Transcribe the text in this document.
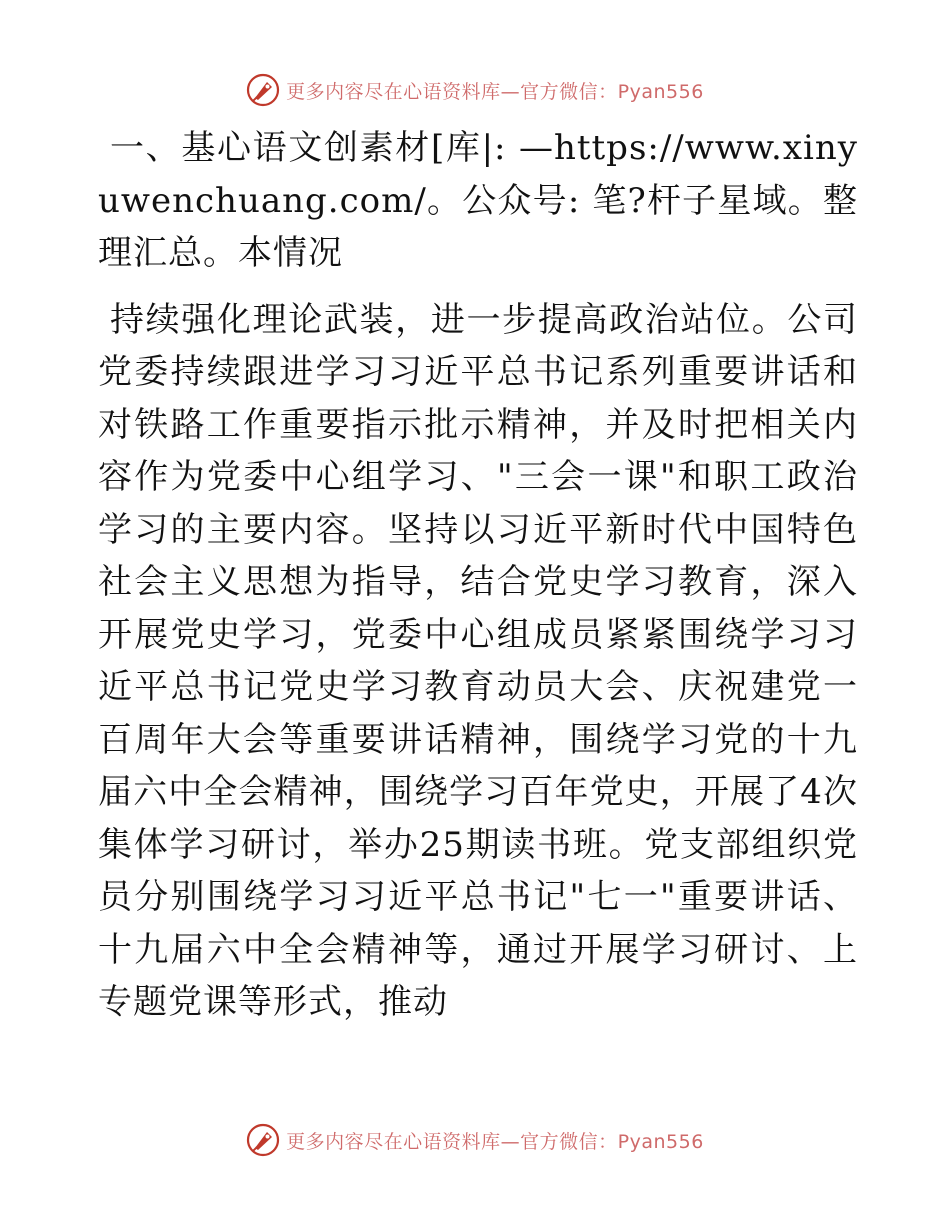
更多内容尽在心语资料库—官方微信：Pyan556

一、基心语文创素材[库|: —https://www.xinyuwenchuang.com/。公众号: 笔?杆子星域。整理汇总。本情况

持续强化理论武装，进一步提高政治站位。公司党委持续跟进学习习近平总书记系列重要讲话和对铁路工作重要指示批示精神，并及时把相关内容作为党委中心组学习、"三会一课"和职工政治学习的主要内容。坚持以习近平新时代中国特色社会主义思想为指导，结合党史学习教育，深入开展党史学习，党委中心组成员紧紧围绕学习习近平总书记党史学习教育动员大会、庆祝建党一百周年大会等重要讲话精神，围绕学习党的十九届六中全会精神，围绕学习百年党史，开展了4次集体学习研讨，举办25期读书班。党支部组织党员分别围绕学习习近平总书记"七一"重要讲话、十九届六中全会精神等，通过开展学习研讨、上专题党课等形式，推动

更多内容尽在心语资料库—官方微信：Pyan556
